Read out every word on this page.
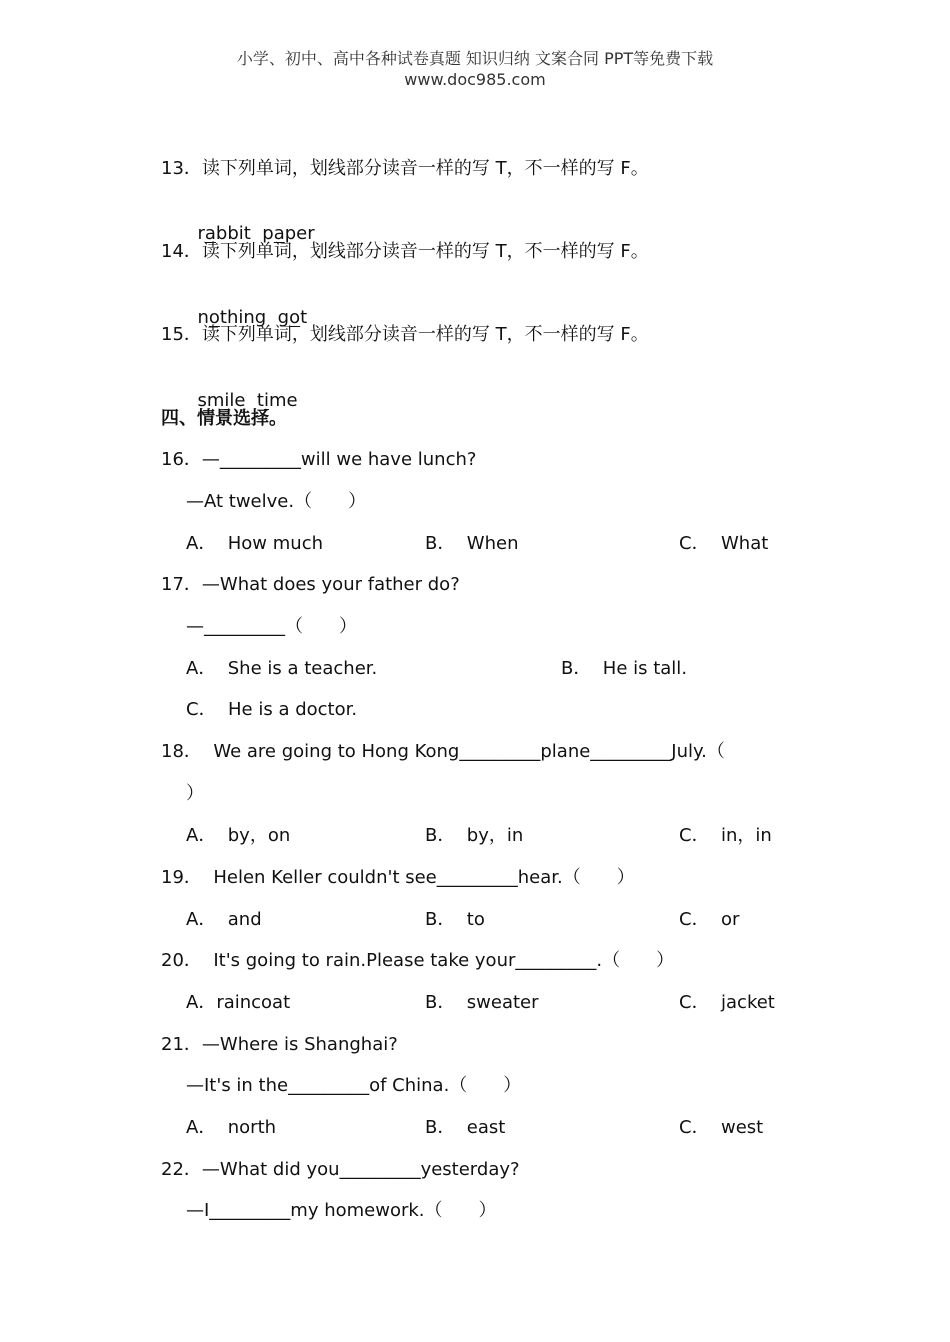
小学、初中、高中各种试卷真题 知识归纳 文案合同 PPT等免费下载
www.doc985.com
13．读下列单词，划线部分读音一样的写 T，不一样的写 F。

rabbit paper

14．读下列单词，划线部分读音一样的写 T，不一样的写 F。

nothing got

15．读下列单词，划线部分读音一样的写 T，不一样的写 F。

smile time

四、情景选择。
16．—_________will we have lunch?
—At twelve.（　　）
A．  How much	B．  When	C．  What
17．—What does your father do?
—_________（　　）
A．  She is a teacher.	B．  He is tall.
C．  He is a doctor.
18．  We are going to Hong Kong_________plane_________July.（
）
A．  by，on	B．  by，in	C．  in，in
19．  Helen Keller couldn't see_________hear.（　　）
A．  and	B．  to	C．  or
20．  It's going to rain.Please take your_________.（　　）
A．raincoat	B．  sweater	C．  jacket
21．—Where is Shanghai?
—It's in the_________of China.（　　）
A．  north	B．  east	C．  west
22．—What did you_________yesterday?
—I_________my homework.（　　）
